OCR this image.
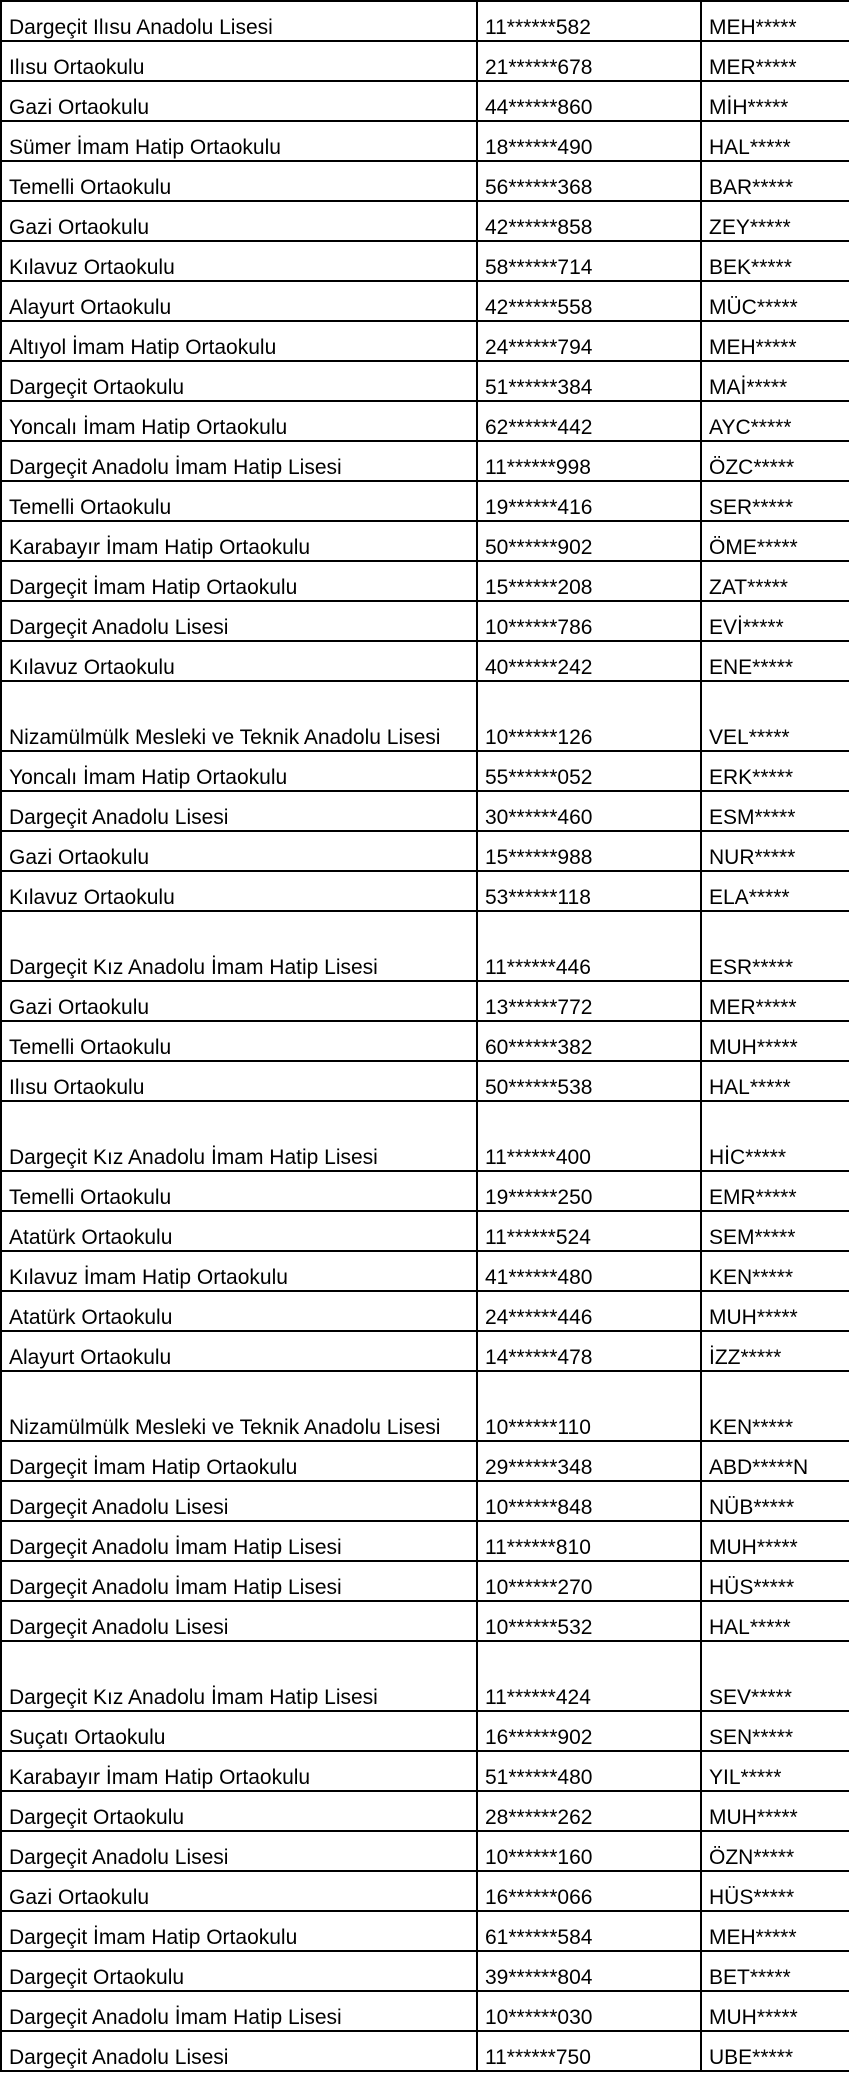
Dargeçit Ilısu Anadolu Lisesi	11******582	MEH*****
Ilısu Ortaokulu	21******678	MER*****
Gazi Ortaokulu	44******860	MİH*****
Sümer İmam Hatip Ortaokulu	18******490	HAL*****
Temelli Ortaokulu	56******368	BAR*****
Gazi Ortaokulu	42******858	ZEY*****
Kılavuz Ortaokulu	58******714	BEK*****
Alayurt Ortaokulu	42******558	MÜC*****
Altıyol İmam Hatip Ortaokulu	24******794	MEH*****
Dargeçit Ortaokulu	51******384	MAİ*****
Yoncalı İmam Hatip Ortaokulu	62******442	AYC*****
Dargeçit Anadolu İmam Hatip Lisesi	11******998	ÖZC*****
Temelli Ortaokulu	19******416	SER*****
Karabayır İmam Hatip Ortaokulu	50******902	ÖME*****
Dargeçit İmam Hatip Ortaokulu	15******208	ZAT*****
Dargeçit Anadolu Lisesi	10******786	EVİ*****
Kılavuz Ortaokulu	40******242	ENE*****
Nizamülmülk Mesleki ve Teknik Anadolu Lisesi	10******126	VEL*****
Yoncalı İmam Hatip Ortaokulu	55******052	ERK*****
Dargeçit Anadolu Lisesi	30******460	ESM*****
Gazi Ortaokulu	15******988	NUR*****
Kılavuz Ortaokulu	53******118	ELA*****
Dargeçit Kız Anadolu İmam Hatip Lisesi	11******446	ESR*****
Gazi Ortaokulu	13******772	MER*****
Temelli Ortaokulu	60******382	MUH*****
Ilısu Ortaokulu	50******538	HAL*****
Dargeçit Kız Anadolu İmam Hatip Lisesi	11******400	HİC*****
Temelli Ortaokulu	19******250	EMR*****
Atatürk Ortaokulu	11******524	SEM*****
Kılavuz İmam Hatip Ortaokulu	41******480	KEN*****
Atatürk Ortaokulu	24******446	MUH*****
Alayurt Ortaokulu	14******478	İZZ*****
Nizamülmülk Mesleki ve Teknik Anadolu Lisesi	10******110	KEN*****
Dargeçit İmam Hatip Ortaokulu	29******348	ABD*****N
Dargeçit Anadolu Lisesi	10******848	NÜB*****
Dargeçit Anadolu İmam Hatip Lisesi	11******810	MUH*****
Dargeçit Anadolu İmam Hatip Lisesi	10******270	HÜS*****
Dargeçit Anadolu Lisesi	10******532	HAL*****
Dargeçit Kız Anadolu İmam Hatip Lisesi	11******424	SEV*****
Suçatı Ortaokulu	16******902	SEN*****
Karabayır İmam Hatip Ortaokulu	51******480	YIL*****
Dargeçit Ortaokulu	28******262	MUH*****
Dargeçit Anadolu Lisesi	10******160	ÖZN*****
Gazi Ortaokulu	16******066	HÜS*****
Dargeçit İmam Hatip Ortaokulu	61******584	MEH*****
Dargeçit Ortaokulu	39******804	BET*****
Dargeçit Anadolu İmam Hatip Lisesi	10******030	MUH*****
Dargeçit Anadolu Lisesi	11******750	UBE*****
